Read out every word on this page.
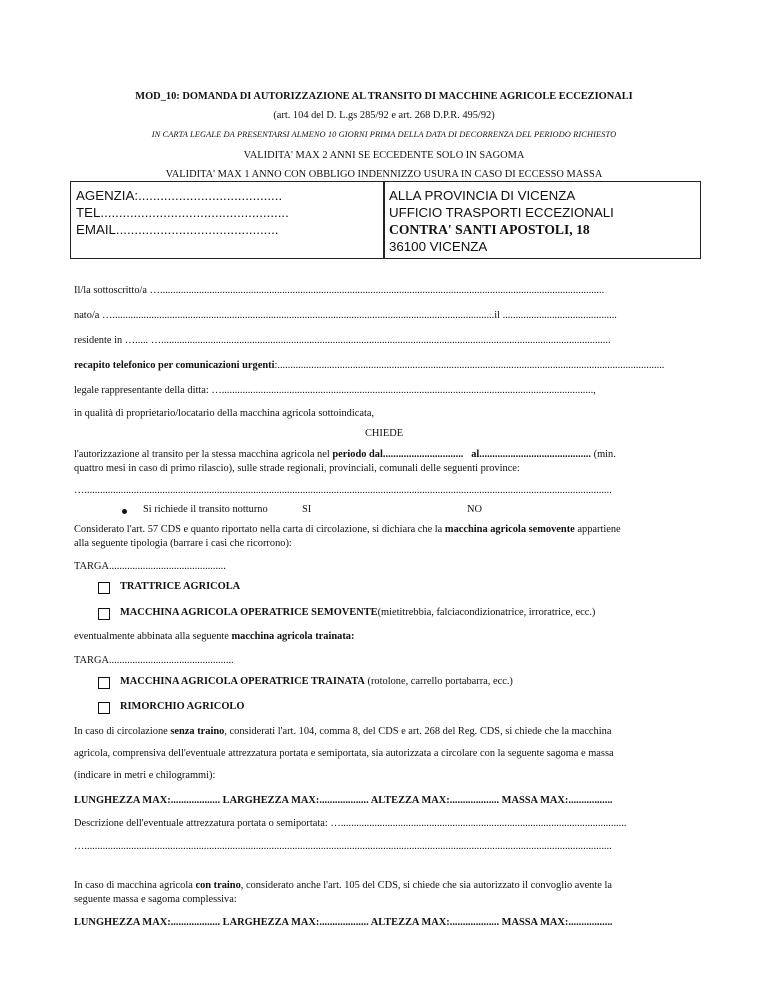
MOD_10: DOMANDA DI AUTORIZZAZIONE AL TRANSITO DI MACCHINE AGRICOLE ECCEZIONALI
(art. 104 del D. L.gs 285/92 e art. 268 D.P.R. 495/92)
IN CARTA LEGALE DA PRESENTARSI ALMENO 10 GIORNI PRIMA DELLA DATA DI DECORRENZA DEL PERIODO RICHIESTO
VALIDITA' MAX 2 ANNI SE ECCEDENTE SOLO IN SAGOMA
VALIDITA' MAX 1 ANNO CON OBBLIGO INDENNIZZO USURA IN CASO DI ECCESSO MASSA
AGENZIA:.......................................
TEL...................................................
EMAIL............................................
ALLA PROVINCIA DI VICENZA
UFFICIO TRASPORTI ECCEZIONALI
CONTRA' SANTI APOSTOLI, 18
36100 VICENZA
Il/la sottoscritto/a …...........................................................................................................................................................................
nato/a …...................................................................................................................................................il ............................................
residente in …..... ….............................................................................................................................................................................
recapito telefonico per comunicazioni urgenti:.....................................................................................................................................................
legale rappresentante della ditta: …...............................................................................................................................................,
in qualità di proprietario/locatario della macchina agricola sottoindicata,
CHIEDE
l'autorizzazione al transito per la stessa macchina agricola nel periodo dal............................... al........................................... (min.
quattro mesi in caso di primo rilascio), sulle strade regionali, provinciali, comunali delle seguenti province:
…...........................................................................................................................................................................................................
Si richiede il transito notturno	SI	NO
Considerato l'art. 57 CDS e quanto riportato nella carta di circolazione, si dichiara che la macchina agricola semovente appartiene
alla seguente tipologia (barrare i casi che ricorrono):
TARGA.............................................
TRATTRICE AGRICOLA
MACCHINA AGRICOLA OPERATRICE SEMOVENTE(mietitrebbia, falciacondizionatrice, irroratrice, ecc.)
eventualmente abbinata alla seguente macchina agricola trainata:
TARGA................................................
MACCHINA AGRICOLA OPERATRICE TRAINATA (rotolone, carrello portabarra, ecc.)
RIMORCHIO AGRICOLO
In caso di circolazione senza traino, considerati l'art. 104, comma 8, del CDS e art. 268 del Reg. CDS, si chiede che la macchina
agricola, comprensiva dell'eventuale attrezzatura portata e semiportata, sia autorizzata a circolare con la seguente sagoma e massa
(indicare in metri e chilogrammi):
LUNGHEZZA MAX:................... LARGHEZZA MAX:................... ALTEZZA MAX:................... MASSA MAX:.................
Descrizione dell'eventuale attrezzatura portata o semiportata: …..............................................................................................................
…...........................................................................................................................................................................................................
In caso di macchina agricola con traino, considerato anche l'art. 105 del CDS, si chiede che sia autorizzato il convoglio avente la
seguente massa e sagoma complessiva:
LUNGHEZZA MAX:................... LARGHEZZA MAX:................... ALTEZZA MAX:................... MASSA MAX:.................
